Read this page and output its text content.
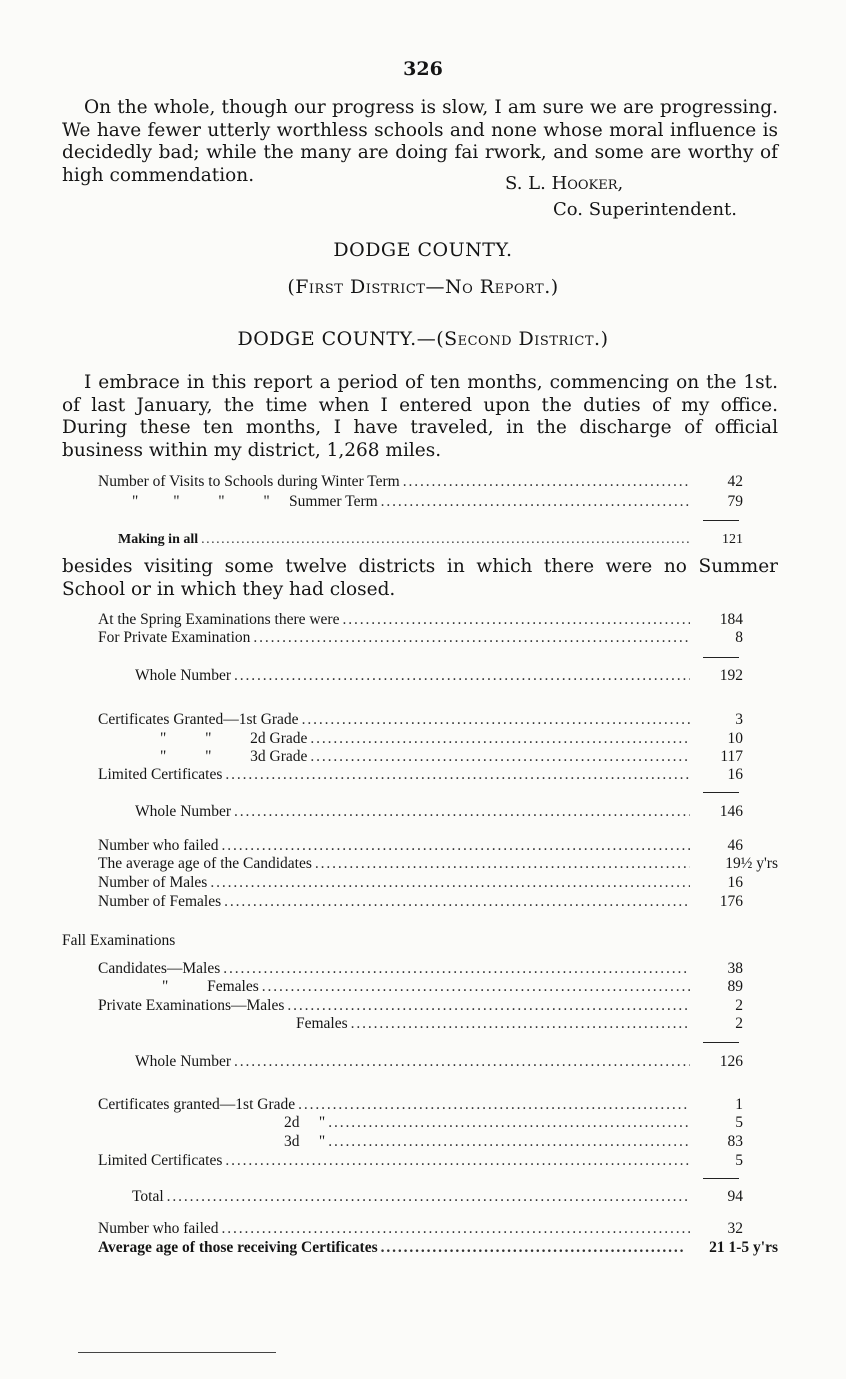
326
On the whole, though our progress is slow, I am sure we are progressing. We have fewer utterly worthless schools and none whose moral influence is decidedly bad; while the many are doing fai rwork, and some are worthy of high commendation.	S. L. Hooker,
Co. Superintendent.
DODGE COUNTY.
(First District—No Report.)
DODGE COUNTY.—(Second District.)
I embrace in this report a period of ten months, commencing on the 1st. of last January, the time when I entered upon the duties of my office. During these ten months, I have traveled, in the discharge of official business within my district, 1,268 miles.
Number of Visits to Schools during Winter Term . . .	42
"         "          "          "     Summer Term . . .	79
Making in all . . .	121
besides visiting some twelve districts in which there were no Summer School or in which they had closed.
At the Spring Examinations there were . . .	184
For Private Examination . . .	8
Whole Number . . .	192
Certificates Granted—1st Grade . . .	3
"          "          2d Grade . . .	10
"          "          3d Grade . . .	117
Limited Certificates . . .	16
Whole Number . . .	146
Number who failed . . .	46
The average age of the Candidates . . .	19½ y'rs
Number of Males . . .	16
Number of Females . . .	176
Fall Examinations
Candidates—Males . . .	38
"          Females . . .	89
Private Examinations—Males . . .	2
Females . . .	2
Whole Number . . .	126
Certificates granted—1st Grade . . .	1
2d     " . . .	5
3d     " . . .	83
Limited Certificates . . .	5
Total . . .	94
Number who failed . . .	32
Average age of those receiving Certificates . . .	21 1-5 y'rs
